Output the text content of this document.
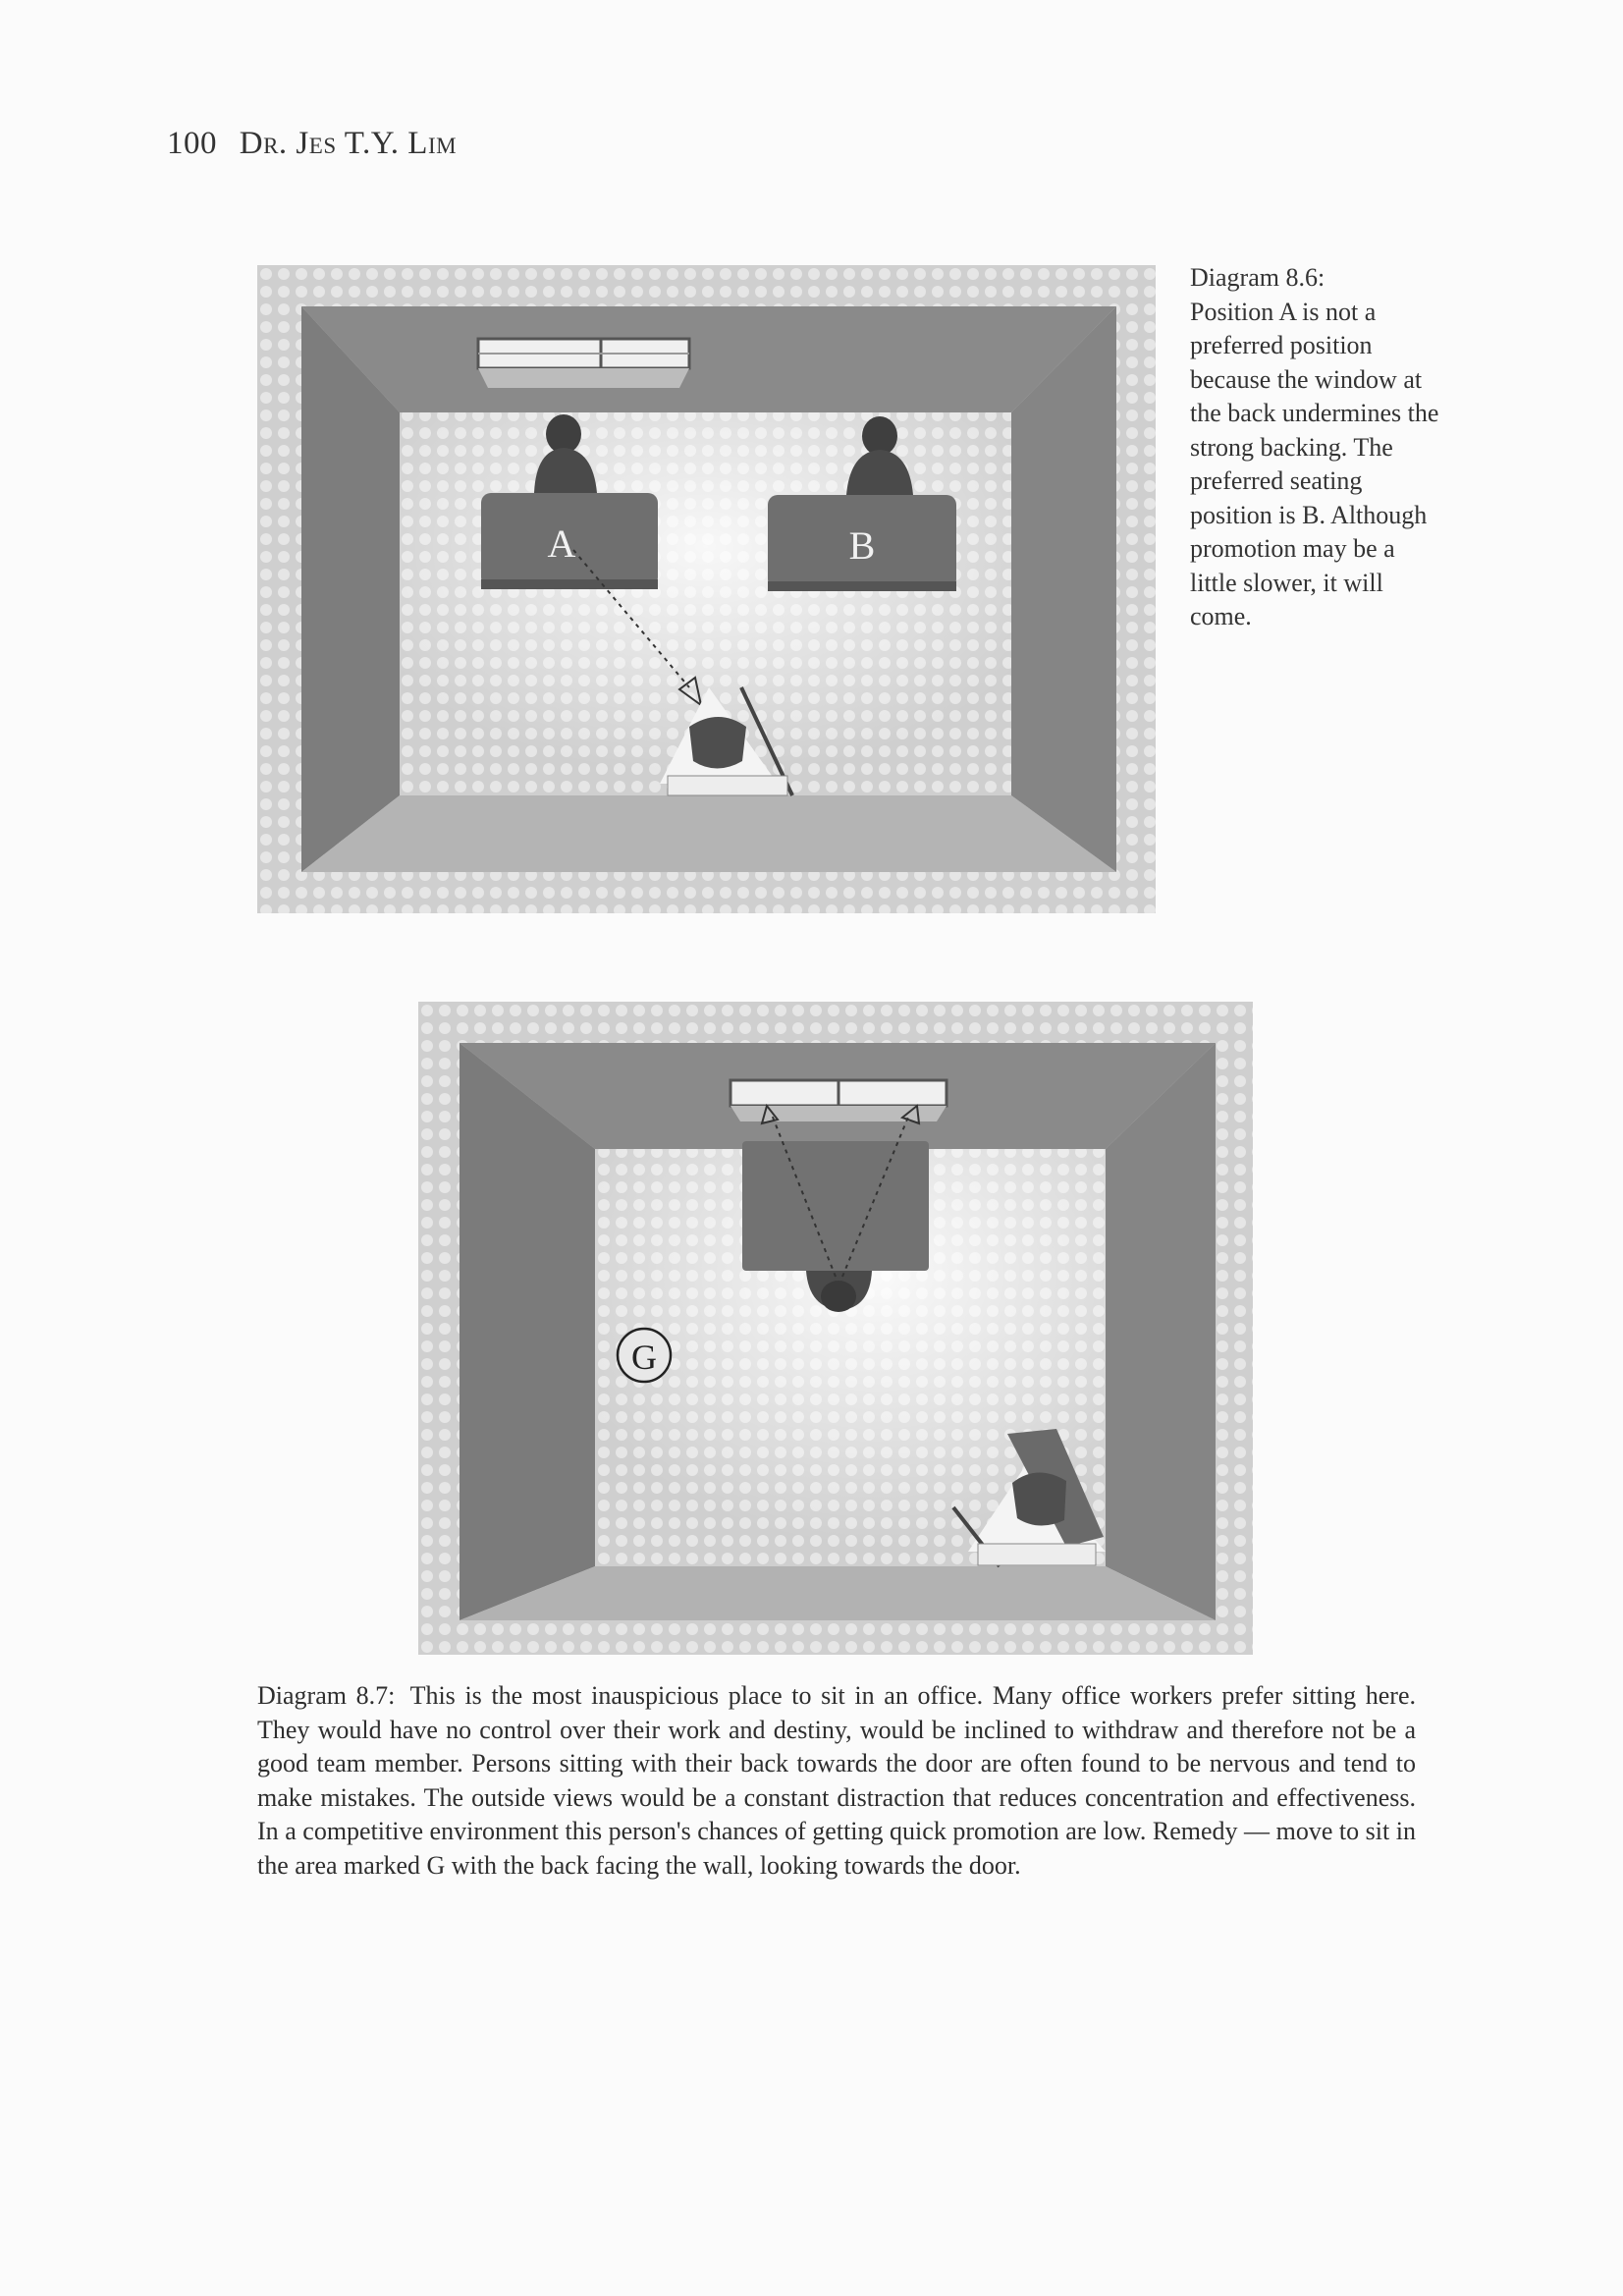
100 Dr. Jes T.Y. Lim
A	B
Diagram 8.6:
Position A is not a preferred position because the window at the back undermines the strong backing. The preferred seating position is B. Although promotion may be a little slower, it will come.
G
Diagram 8.7: This is the most inauspicious place to sit in an office. Many office workers prefer sitting here. They would have no control over their work and destiny, would be inclined to withdraw and therefore not be a good team member. Persons sitting with their back towards the door are often found to be nervous and tend to make mistakes. The outside views would be a constant distraction that reduces concentration and effectiveness. In a competitive environment this person's chances of getting quick promotion are low. Remedy — move to sit in the area marked G with the back facing the wall, looking towards the door.
